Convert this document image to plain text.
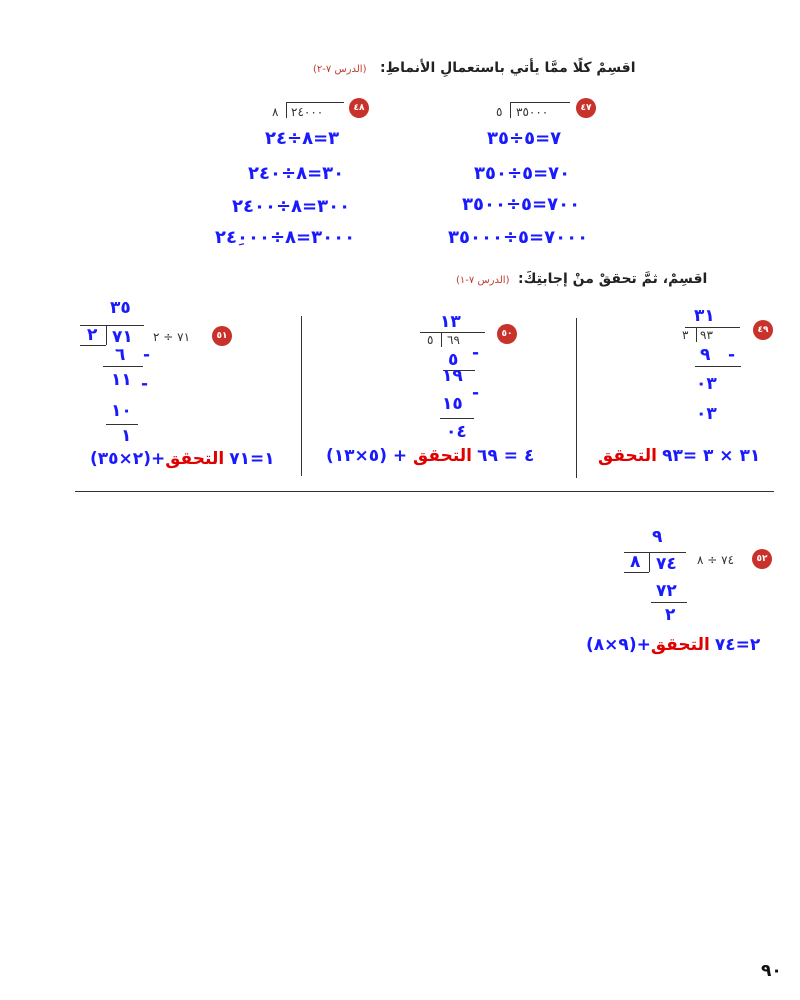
اقسِمْ كلًا ممَّا يأتي باستعمالِ الأنماطِ:
(الدرس ٧-٢)
٤٧
٥ ٣٥٠٠٠
٧=٥÷٣٥
٧٠=٥÷٣٥٠
٧٠٠=٥÷٣٥٠٠
٧٠٠٠=٥÷٣٥٠٠٠
٤٨
٨ ٢٤٠٠٠
٣=٨÷٢٤
٣٠=٨÷٢٤٠
٣٠٠=٨÷٢٤٠٠
٣٠٠٠=٨÷٢٤ِ٠٠٠
اقسِمْ، ثمَّ تحققْ منْ إجابتِكَ:
(الدرس ٧-١)
٤٩
٣١
٣ ٩٣
٩ -
٠٣
٠٣
٣١ × ٣ =٩٣ التحقق
٥٠
١٣
٥ ٦٩
٥ -
١٩
-
١٥
٠٤
(٥×١٣) + ٤ = ٦٩ التحقق
٥١
٧١ ÷ ٢
٣٥
٢ ٧١
٦ -
١١ -
١٠
١
(٢×٣٥)+١=٧١ التحقق
٥٢
٧٤ ÷ ٨
٩
٨ ٧٤
٧٢
٢
(٩×٨)+٢=٧٤ التحقق
٩٠
